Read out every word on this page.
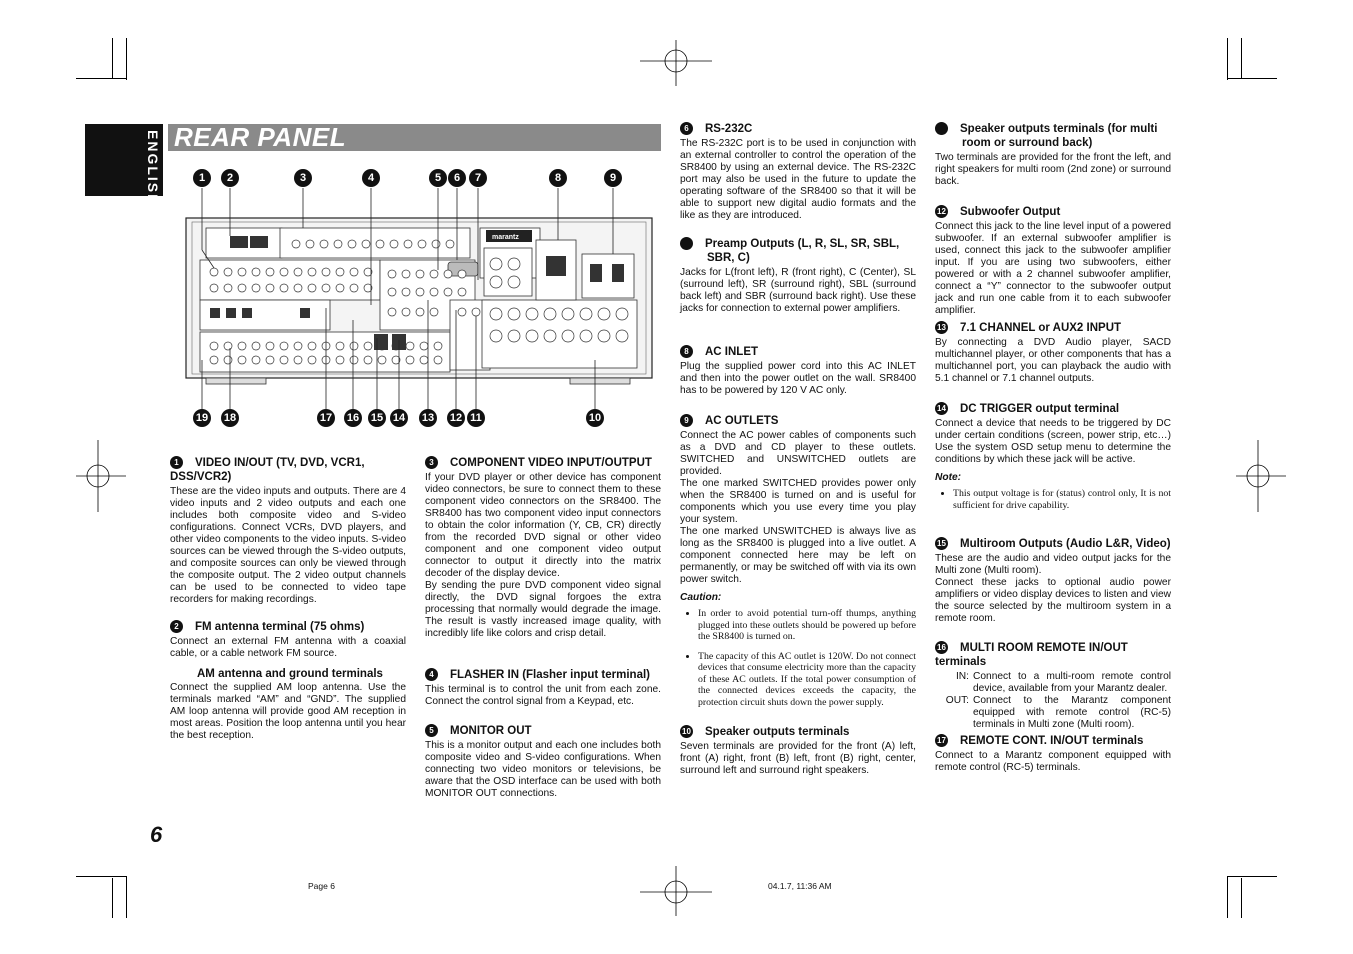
ENGLISH REAR PANEL
marantz
1	2	3	4	5	6	7	8	9
19 18	17 16 15 14 13 12 11	10
1 VIDEO IN/OUT (TV, DVD, VCR1, DSS/VCR2)

These are the video inputs and outputs. There are 4 video inputs and 2 video outputs and each one includes both composite video and S-video configurations. Connect VCRs, DVD players, and other video components to the video inputs. S-video sources can be viewed through the S-video outputs, and composite sources can only be viewed through the composite output. The 2 video output channels can be used to be connected to video tape recorders for making recordings.

2 FM antenna terminal (75 ohms)

Connect an external FM antenna with a coaxial cable, or a cable network FM source.

AM antenna and ground terminals

Connect the supplied AM loop antenna. Use the terminals marked “AM” and “GND”. The supplied AM loop antenna will provide good AM reception in most areas. Position the loop antenna until you hear the best reception.

3 COMPONENT VIDEO INPUT/OUTPUT

If your DVD player or other device has component video connectors, be sure to connect them to these component video connectors on the SR8400. The SR8400 has two component video input connectors to obtain the color information (Y, CB, CR) directly from the recorded DVD signal or other video component and one component video output connector to output it directly into the matrix decoder of the display device.

By sending the pure DVD component video signal directly, the DVD signal forgoes the extra processing that normally would degrade the image. The result is vastly increased image quality, with incredibly life like colors and crisp detail.

4 FLASHER IN (Flasher input terminal)

This terminal is to control the unit from each zone. Connect the control signal from a Keypad, etc.

5 MONITOR OUT

This is a monitor output and each one includes both composite video and S-video configurations. When connecting two video monitors or televisions, be aware that the OSD interface can be used with both MONITOR OUT connections.

6 RS-232C

The RS-232C port is to be used in conjunction with an external controller to control the operation of the SR8400 by using an external device. The RS-232C port may also be used in the future to update the operating software of the SR8400 so that it will be able to support new digital audio formats and the like as they are introduced.

7	Preamp Outputs (L, R, SL, SR, SBL, SBR, C)

Jacks for L(front left), R (front right), C (Center), SL (surround left), SR (surround right), SBL (surround back left) and SBR (surround back right). Use these jacks for connection to external power amplifiers.

8 AC INLET

Plug the supplied power cord into this AC INLET and then into the power outlet on the wall. SR8400 has to be powered by 120 V AC only.

9 AC OUTLETS

Connect the AC power cables of components such as a DVD and CD player to these outlets. SWITCHED and UNSWITCHED outlets are provided.

The one marked SWITCHED provides power only when the SR8400 is turned on and is useful for components which you use every time you play your system.

The one marked UNSWITCHED is always live as long as the SR8400 is plugged into a live outlet. A component connected here may be left on permanently, or may be switched off with via its own power switch.

Caution:
• In order to avoid potential turn-off thumps, anything plugged into these outlets should be powered up before the SR8400 is turned on.
• The capacity of this AC outlet is 120W. Do not connect devices that consume electricity more than the capacity of these AC outlets. If the total power consumption of the connected devices exceeds the capacity, the protection circuit shuts down the power supply.
10 Speaker outputs terminals

Seven terminals are provided for the front (A) left, front (A) right, front (B) left, front (B) right, center, surround left and surround right speakers.

11 Speaker outputs terminals (for multi room or surround back)

Two terminals are provided for the front the left, and right speakers for multi room (2nd zone) or surround back.

12 Subwoofer Output

Connect this jack to the line level input of a powered subwoofer. If an external subwoofer amplifier is used, connect this jack to the subwoofer amplifier input. If you are using two subwoofers, either powered or with a 2 channel subwoofer amplifier, connect a “Y” connector to the subwoofer output jack and run one cable from it to each subwoofer amplifier.

13 7.1 CHANNEL or AUX2 INPUT

By connecting a DVD Audio player, SACD multichannel player, or other components that has a multichannel port, you can playback the audio with 5.1 channel or 7.1 channel outputs.

14 DC TRIGGER output terminal

Connect a device that needs to be triggered by DC under certain conditions (screen, power strip, etc…) Use the system OSD setup menu to determine the conditions by which these jack will be active.

Note:
• This output voltage is for (status) control only, It is not sufficient for drive capability.
15 Multiroom Outputs (Audio L&R, Video)

These are the audio and video output jacks for the Multi zone (Multi room).

Connect these jacks to optional audio power amplifiers or video display devices to listen and view the source selected by the multiroom system in a remote room.

16 MULTI ROOM REMOTE IN/OUT terminals
IN: Connect to a multi-room remote control device, available from your Marantz dealer.

OUT: Connect to the Marantz component equipped with remote control (RC-5) terminals in Multi zone (Multi room).

17 REMOTE CONT. IN/OUT terminals

Connect to a Marantz component equipped with remote control (RC-5) terminals.

6
Page 6	04.1.7, 11:36 AM
